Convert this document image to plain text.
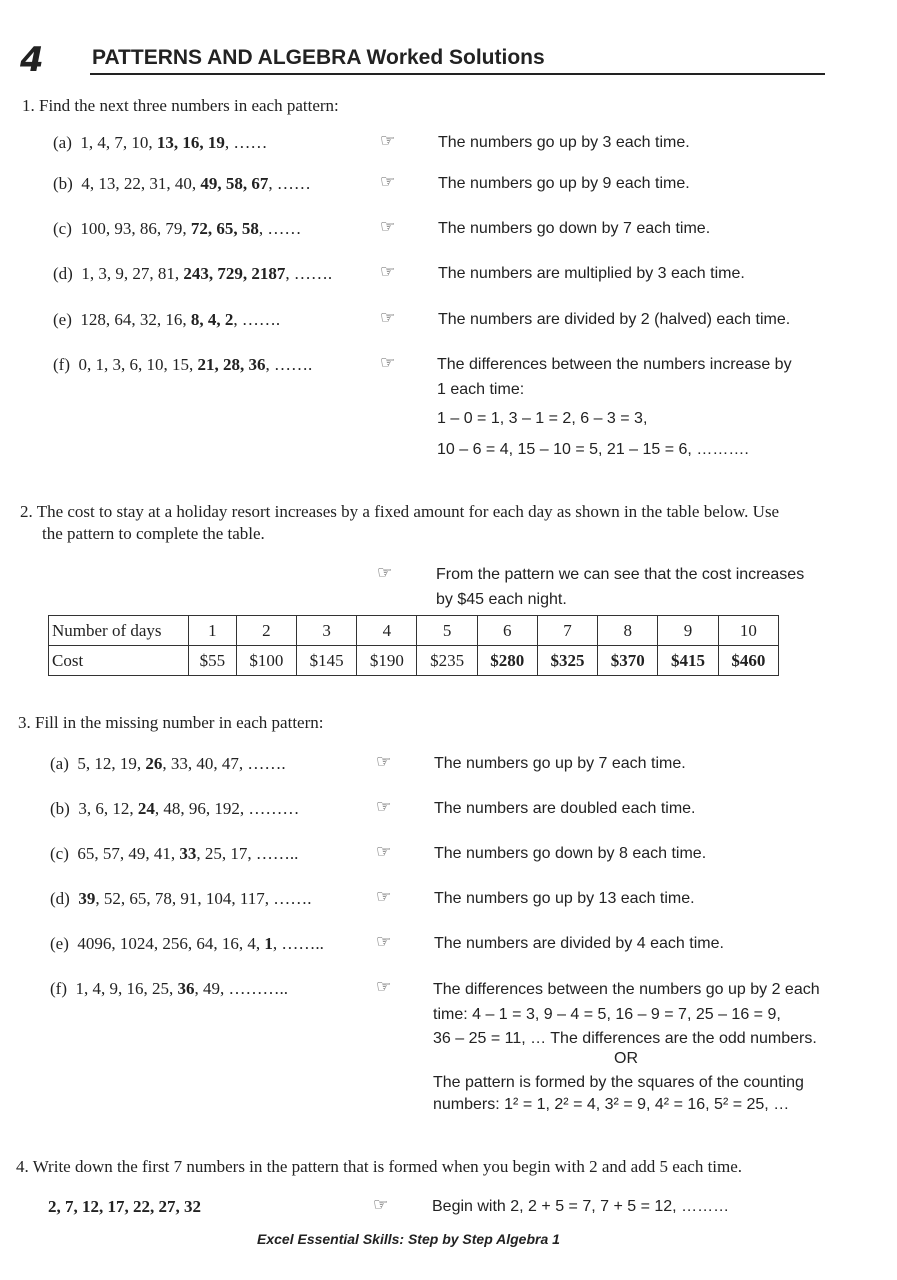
4 PATTERNS AND ALGEBRA Worked Solutions
1. Find the next three numbers in each pattern:
(a) 1, 4, 7, 10, 13, 16, 19, ……	☞	The numbers go up by 3 each time.
(b) 4, 13, 22, 31, 40, 49, 58, 67, ……	☞	The numbers go up by 9 each time.
(c) 100, 93, 86, 79, 72, 65, 58, ……	☞	The numbers go down by 7 each time.
(d) 1, 3, 9, 27, 81, 243, 729, 2187, …….	☞	The numbers are multiplied by 3 each time.
(e) 128, 64, 32, 16, 8, 4, 2, …….	☞	The numbers are divided by 2 (halved) each time.
(f) 0, 1, 3, 6, 10, 15, 21, 28, 36, …….	☞	The differences between the numbers increase by
1 each time:
1 – 0 = 1, 3 – 1 = 2, 6 – 3 = 3,
10 – 6 = 4, 15 – 10 = 5, 21 – 15 = 6, ……….
2. The cost to stay at a holiday resort increases by a fixed amount for each day as shown in the table below. Use
the pattern to complete the table.
☞	From the pattern we can see that the cost increases
by $45 each night.
Number of days	1	2	3	4	5	6	7	8	9	10
Cost	$55	$100	$145	$190	$235	$280	$325	$370	$415	$460
3. Fill in the missing number in each pattern:
(a) 5, 12, 19, 26, 33, 40, 47, …….	☞	The numbers go up by 7 each time.
(b) 3, 6, 12, 24, 48, 96, 192, ………	☞	The numbers are doubled each time.
(c) 65, 57, 49, 41, 33, 25, 17, ……..	☞	The numbers go down by 8 each time.
(d) 39, 52, 65, 78, 91, 104, 117, …….	☞	The numbers go up by 13 each time.
(e) 4096, 1024, 256, 64, 16, 4, 1, ……..	☞	The numbers are divided by 4 each time.
(f) 1, 4, 9, 16, 25, 36, 49, ………..	☞	The differences between the numbers go up by 2 each
time: 4 – 1 = 3, 9 – 4 = 5, 16 – 9 = 7, 25 – 16 = 9,
36 – 25 = 11, … The differences are the odd numbers.
OR
The pattern is formed by the squares of the counting
numbers: 1² = 1, 2² = 4, 3² = 9, 4² = 16, 5² = 25, …
4. Write down the first 7 numbers in the pattern that is formed when you begin with 2 and add 5 each time.
2, 7, 12, 17, 22, 27, 32	☞	Begin with 2, 2 + 5 = 7, 7 + 5 = 12, ………
Excel Essential Skills: Step by Step Algebra 1
